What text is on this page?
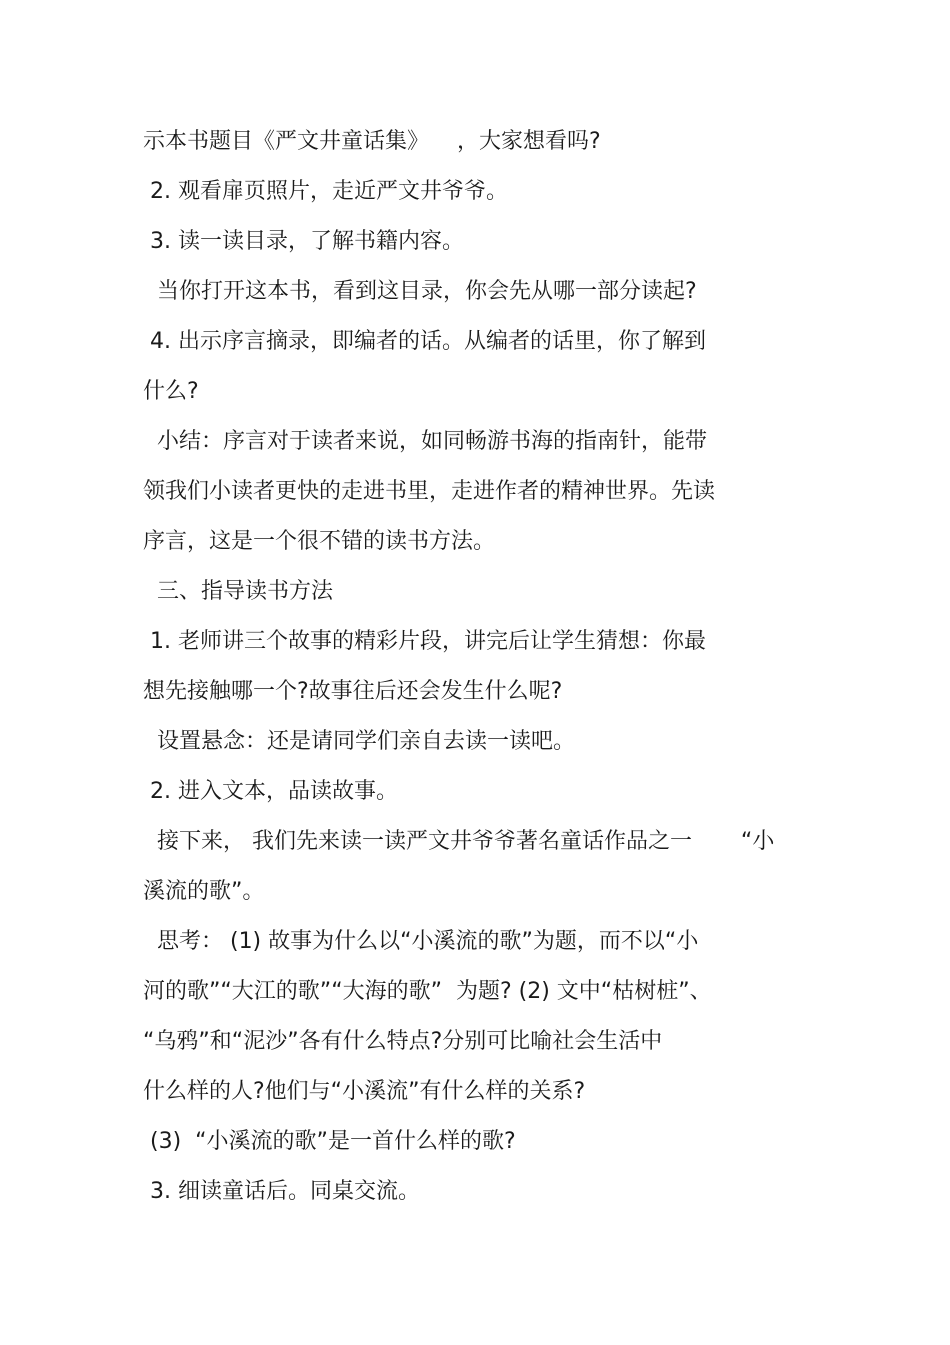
示本书题目《严文井童话集》    ，大家想看吗?
2. 观看扉页照片，走近严文井爷爷。
3. 读一读目录，了解书籍内容。
当你打开这本书，看到这目录，你会先从哪一部分读起?
4. 出示序言摘录，即编者的话。从编者的话里，你了解到
什么?
小结：序言对于读者来说，如同畅游书海的指南针，能带
领我们小读者更快的走进书里，走进作者的精神世界。先读
序言，这是一个很不错的读书方法。
三、指导读书方法
1. 老师讲三个故事的精彩片段，讲完后让学生猜想：你最
想先接触哪一个?故事往后还会发生什么呢?
设置悬念：还是请同学们亲自去读一读吧。
2. 进入文本，品读故事。
接下来， 我们先来读一读严文井爷爷著名童话作品之一       “小
溪流的歌”。
思考： (1) 故事为什么以“小溪流的歌”为题，而不以“小
河的歌”“大江的歌”“大海的歌”  为题? (2) 文中“枯树桩”、
“乌鸦”和“泥沙”各有什么特点?分别可比喻社会生活中
什么样的人?他们与“小溪流”有什么样的关系?
(3)  “小溪流的歌”是一首什么样的歌?
3. 细读童话后。同桌交流。
